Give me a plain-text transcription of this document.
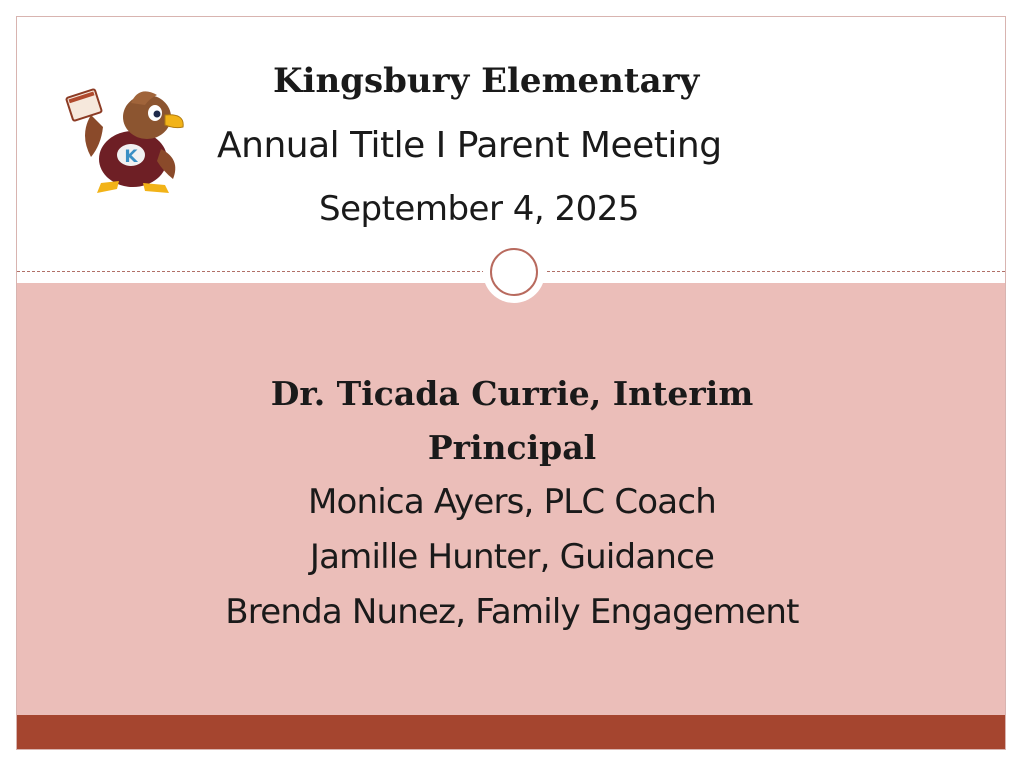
K
Kingsbury Elementary
Annual Title I Parent Meeting
September 4, 2025
Dr. Ticada Currie, Interim
Principal
Monica Ayers, PLC Coach
Jamille Hunter, Guidance
Brenda Nunez, Family Engagement
